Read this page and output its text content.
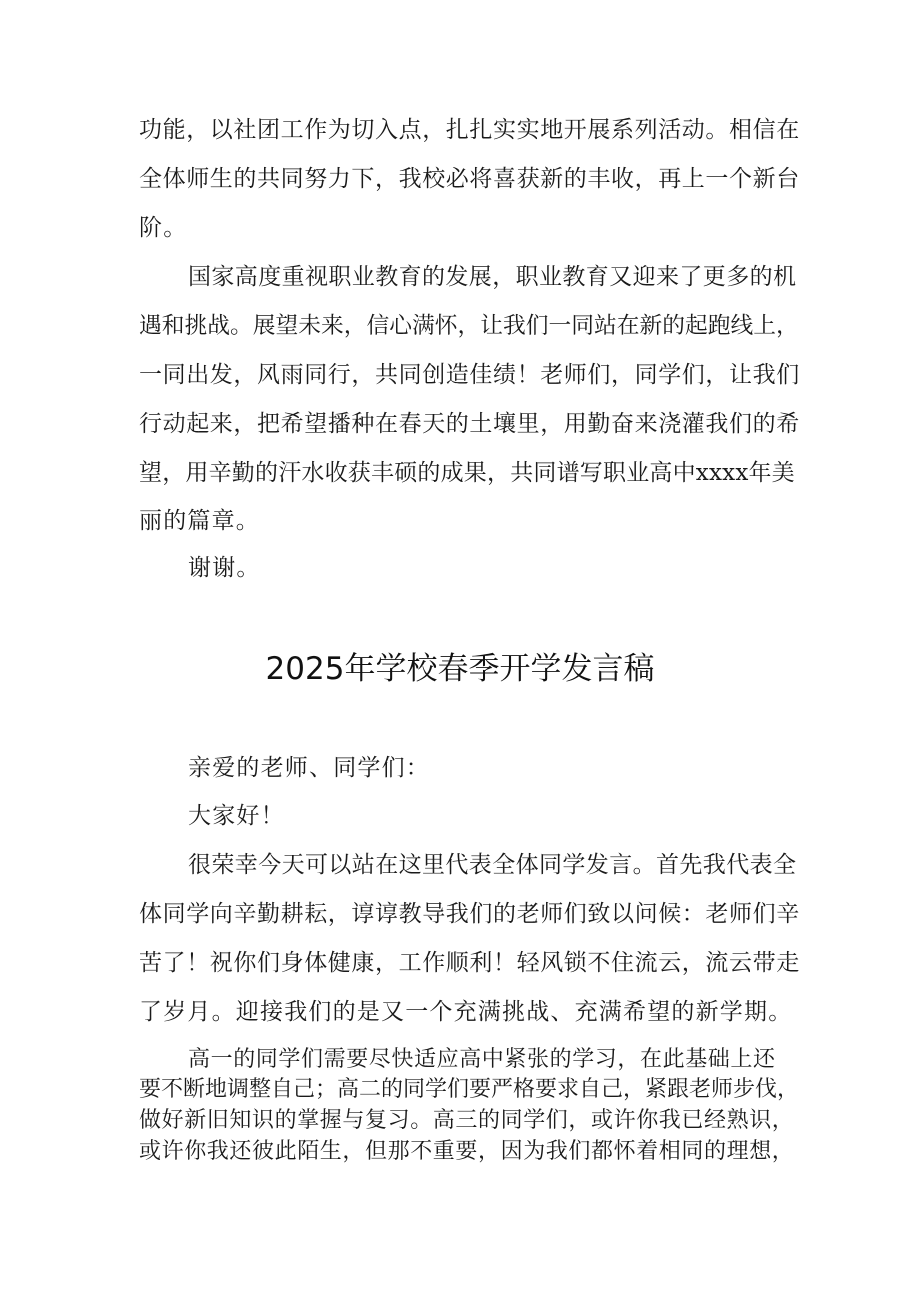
功能，以社团工作为切入点，扎扎实实地开展系列活动。相信在
全体师生的共同努力下，我校必将喜获新的丰收，再上一个新台
阶。
国家高度重视职业教育的发展，职业教育又迎来了更多的机
遇和挑战。展望未来，信心满怀，让我们一同站在新的起跑线上，
一同出发，风雨同行，共同创造佳绩！老师们，同学们，让我们
行动起来，把希望播种在春天的土壤里，用勤奋来浇灌我们的希
望，用辛勤的汗水收获丰硕的成果，共同谱写职业高中xxxx年美
丽的篇章。
谢谢。
2025年学校春季开学发言稿
亲爱的老师、同学们：
大家好！
很荣幸今天可以站在这里代表全体同学发言。首先我代表全
体同学向辛勤耕耘，谆谆教导我们的老师们致以问候：老师们辛
苦了！祝你们身体健康，工作顺利！轻风锁不住流云，流云带走
了岁月。迎接我们的是又一个充满挑战、充满希望的新学期。
高一的同学们需要尽快适应高中紧张的学习，在此基础上还
要不断地调整自己；高二的同学们要严格要求自己，紧跟老师步伐，
做好新旧知识的掌握与复习。高三的同学们，或许你我已经熟识，
或许你我还彼此陌生，但那不重要，因为我们都怀着相同的理想，
